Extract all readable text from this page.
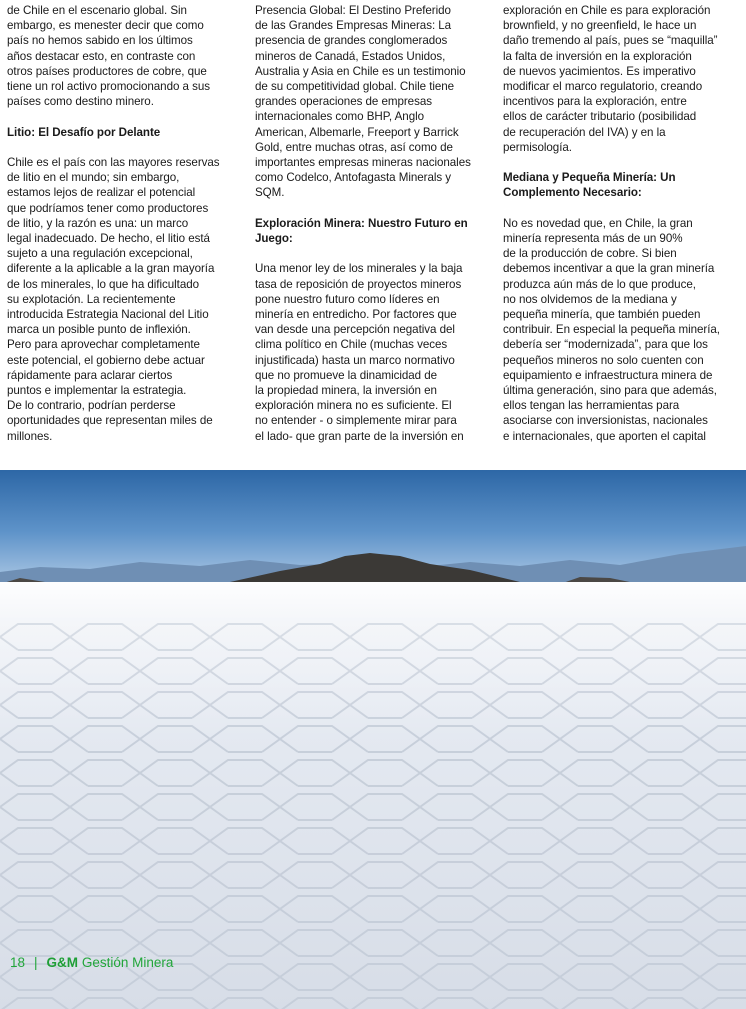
de Chile en el escenario global. Sin
embargo, es menester decir que como
país no hemos sabido en los últimos
años destacar esto, en contraste con
otros países productores de cobre, que
tiene un rol activo promocionando a sus
países como destino minero.

Litio: El Desafío por Delante

Chile es el país con las mayores reservas
de litio en el mundo; sin embargo,
estamos lejos de realizar el potencial
que podríamos tener como productores
de litio, y la razón es una: un marco
legal inadecuado. De hecho, el litio está
sujeto a una regulación excepcional,
diferente a la aplicable a la gran mayoría
de los minerales, lo que ha dificultado
su explotación. La recientemente
introducida Estrategia Nacional del Litio
marca un posible punto de inflexión.
Pero para aprovechar completamente
este potencial, el gobierno debe actuar
rápidamente para aclarar ciertos
puntos e implementar la estrategia.
De lo contrario, podrían perderse
oportunidades que representan miles de
millones.

Presencia Global: El Destino Preferido
de las Grandes Empresas Mineras: La
presencia de grandes conglomerados
mineros de Canadá, Estados Unidos,
Australia y Asia en Chile es un testimonio
de su competitividad global. Chile tiene
grandes operaciones de empresas
internacionales como BHP, Anglo
American, Albemarle, Freeport y Barrick
Gold, entre muchas otras, así como de
importantes empresas mineras nacionales
como Codelco, Antofagasta Minerals y
SQM.

Exploración Minera: Nuestro Futuro en
Juego:

Una menor ley de los minerales y la baja
tasa de reposición de proyectos mineros
pone nuestro futuro como líderes en
minería en entredicho. Por factores que
van desde una percepción negativa del
clima político en Chile (muchas veces
injustificada) hasta un marco normativo
que no promueve la dinamicidad de
la propiedad minera, la inversión en
exploración minera no es suficiente. El
no entender - o simplemente mirar para
el lado- que gran parte de la inversión en

exploración en Chile es para exploración
brownfield, y no greenfield, le hace un
daño tremendo al país, pues se “maquilla”
la falta de inversión en la exploración
de nuevos yacimientos. Es imperativo
modificar el marco regulatorio, creando
incentivos para la exploración, entre
ellos de carácter tributario (posibilidad
de recuperación del IVA) y en la
permisología.

Mediana y Pequeña Minería: Un
Complemento Necesario:

No es novedad que, en Chile, la gran
minería representa más de un 90%
de la producción de cobre. Si bien
debemos incentivar a que la gran minería
produzca aún más de lo que produce,
no nos olvidemos de la mediana y
pequeña minería, que también pueden
contribuir. En especial la pequeña minería,
debería ser “modernizada”, para que los
pequeños mineros no solo cuenten con
equipamiento e infraestructura minera de
última generación, sino para que además,
ellos tengan las herramientas para
asociarse con inversionistas, nacionales
e internacionales, que aporten el capital

18 | G&M Gestión Minera
